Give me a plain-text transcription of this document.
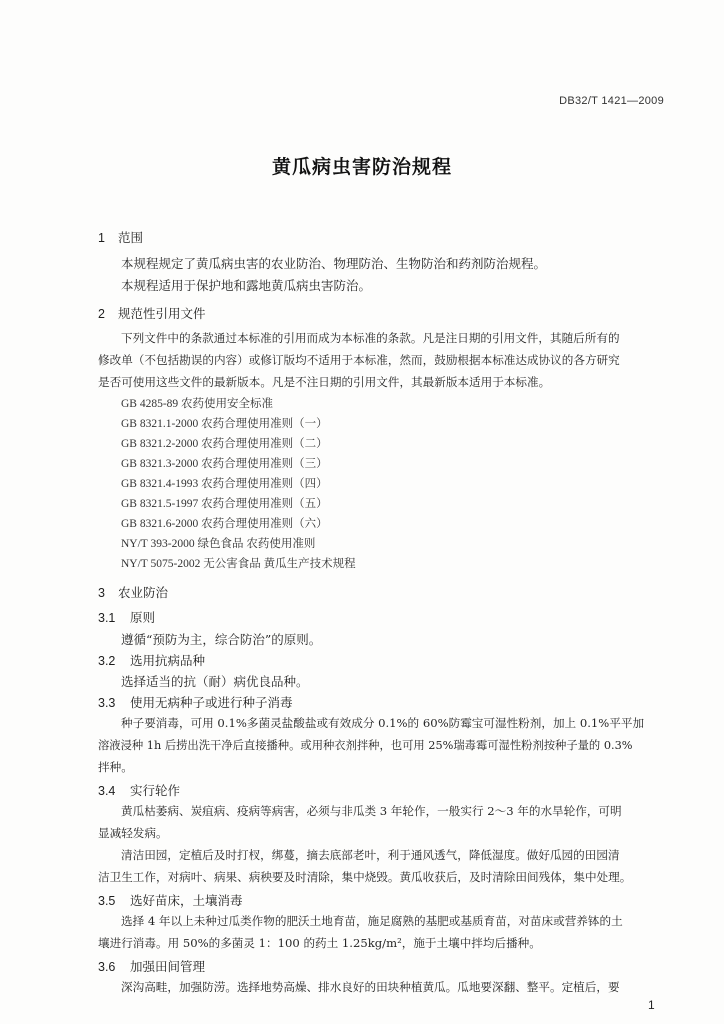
DB32/T 1421—2009
黄瓜病虫害防治规程
1 范围
本规程规定了黄瓜病虫害的农业防治、物理防治、生物防治和药剂防治规程。
本规程适用于保护地和露地黄瓜病虫害防治。
2 规范性引用文件
下列文件中的条款通过本标准的引用而成为本标准的条款。凡是注日期的引用文件，其随后所有的
修改单（不包括勘误的内容）或修订版均不适用于本标准，然而，鼓励根据本标准达成协议的各方研究
是否可使用这些文件的最新版本。凡是不注日期的引用文件，其最新版本适用于本标准。
GB 4285-89 农药使用安全标准
GB 8321.1-2000 农药合理使用准则（一）
GB 8321.2-2000 农药合理使用准则（二）
GB 8321.3-2000 农药合理使用准则（三）
GB 8321.4-1993 农药合理使用准则（四）
GB 8321.5-1997 农药合理使用准则（五）
GB 8321.6-2000 农药合理使用准则（六）
NY/T 393-2000 绿色食品 农药使用准则
NY/T 5075-2002 无公害食品 黄瓜生产技术规程
3 农业防治
3.1 原则
遵循“预防为主，综合防治”的原则。
3.2 选用抗病品种
选择适当的抗（耐）病优良品种。
3.3 使用无病种子或进行种子消毒
种子要消毒，可用 0.1%多菌灵盐酸盐或有效成分 0.1%的 60%防霉宝可湿性粉剂，加上 0.1%平平加
溶液浸种 1h 后捞出洗干净后直接播种。或用种衣剂拌种，也可用 25%瑞毒霉可湿性粉剂按种子量的 0.3%
拌种。
3.4 实行轮作
黄瓜枯萎病、炭疽病、疫病等病害，必须与非瓜类 3 年轮作，一般实行 2～3 年的水旱轮作，可明
显减轻发病。
清洁田园，定植后及时打杈，绑蔓，摘去底部老叶，利于通风透气，降低湿度。做好瓜园的田园清
洁卫生工作，对病叶、病果、病秧要及时清除，集中烧毁。黄瓜收获后，及时清除田间残体，集中处理。
3.5 选好苗床，土壤消毒
选择 4 年以上未种过瓜类作物的肥沃土地育苗，施足腐熟的基肥或基质育苗，对苗床或营养钵的土
壤进行消毒。用 50%的多菌灵 1：100 的药土 1.25kg/m²，施于土壤中拌均后播种。
3.6 加强田间管理
深沟高畦，加强防涝。选择地势高燥、排水良好的田块种植黄瓜。瓜地要深翻、整平。定植后，要
1
